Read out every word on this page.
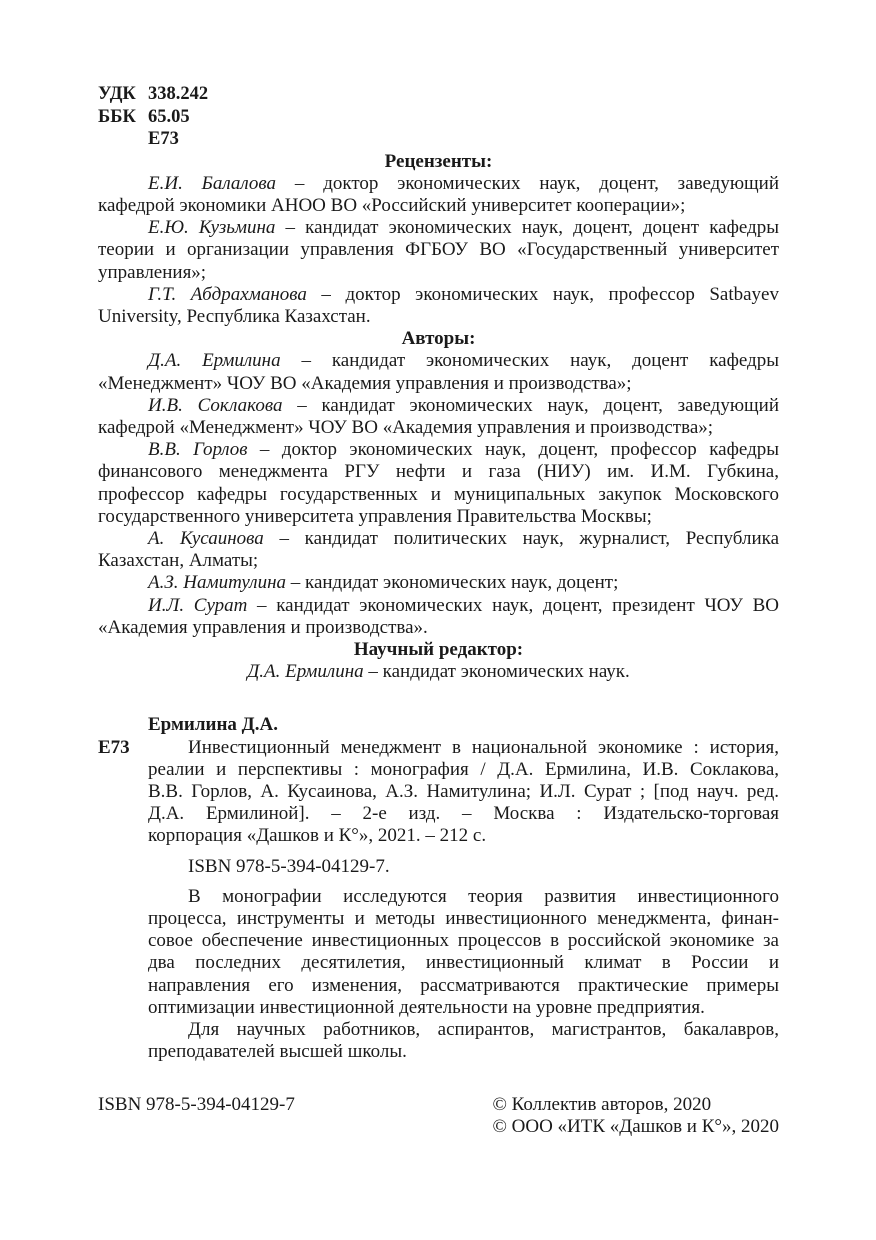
УДК 338.242
ББК 65.05
Е73
Рецензенты:
Е.И. Балалова – доктор экономических наук, доцент, заведующий
кафедрой экономики АНОО ВО «Российский университет кооперации»;
Е.Ю. Кузьмина – кандидат экономических наук, доцент, доцент кафедры
теории и организации управления ФГБОУ ВО «Государственный университет
управления»;
Г.Т. Абдрахманова – доктор экономических наук, профессор Satbayev
University, Республика Казахстан.
Авторы:
Д.А. Ермилина – кандидат экономических наук, доцент кафедры
«Менеджмент» ЧОУ ВО «Академия управления и производства»;
И.В. Соклакова – кандидат экономических наук, доцент, заведующий
кафедрой «Менеджмент» ЧОУ ВО «Академия управления и производства»;
В.В. Горлов – доктор экономических наук, доцент, профессор кафедры
финансового менеджмента РГУ нефти и газа (НИУ) им. И.М. Губкина,
профессор кафедры государственных и муниципальных закупок Московского
государственного университета управления Правительства Москвы;
А. Кусаинова – кандидат политических наук, журналист, Республика
Казахстан, Алматы;
А.З. Намитулина – кандидат экономических наук, доцент;
И.Л. Сурат – кандидат экономических наук, доцент, президент ЧОУ ВО
«Академия управления и производства».
Научный редактор:
Д.А. Ермилина – кандидат экономических наук.
Ермилина Д.А.
Е73	Инвестиционный менеджмент в национальной экономике : история,
реалии и перспективы : монография / Д.А. Ермилина, И.В. Соклакова,
В.В. Горлов, А. Кусаинова, А.З. Намитулина; И.Л. Сурат ; [под науч. ред.
Д.А. Ермилиной]. – 2-е изд. – Москва : Издательско-торговая
корпорация «Дашков и К°», 2021. – 212 с.
ISBN 978-5-394-04129-7.
В монографии исследуются теория развития инвестиционного
процесса, инструменты и методы инвестиционного менеджмента, финан-
совое обеспечение инвестиционных процессов в российской экономике за
два последних десятилетия, инвестиционный климат в России и
направления его изменения, рассматриваются практические примеры
оптимизации инвестиционной деятельности на уровне предприятия.
Для научных работников, аспирантов, магистрантов, бакалавров,
преподавателей высшей школы.
ISBN 978-5-394-04129-7	© Коллектив авторов, 2020
© ООО «ИТК «Дашков и К°», 2020
